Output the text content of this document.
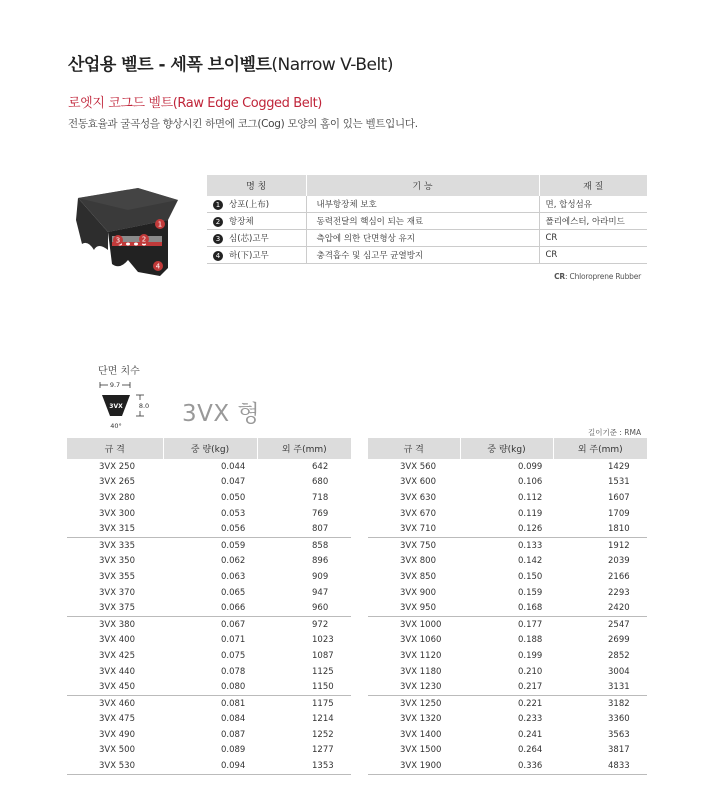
산업용 벨트 - 세폭 브이벨트(Narrow V-Belt)
로엣지 코그드 벨트(Raw Edge Cogged Belt)
전동효율과 굴곡성을 향상시킨 하면에 코그(Cog) 모양의 홈이 있는 벨트입니다.
1
2
3
4
명 칭	기 능	재 질
1 상포(上布)	내부항장체 보호	면, 합성섬유
2 항장체	동력전달의 핵심이 되는 재료	폴리에스터, 아라미드
3 심(芯)고무	측압에 의한 단면형상 유지	CR
4 하(下)고무	충격흡수 및 심고무 균열방지	CR
CR: Chloroprene Rubber
단면 치수
9.7
3VX 8.0
40°	3VX 형
길이기준 : RMA
규 격	중 량(kg)	외 주(mm)
3VX 250	0.044	642
3VX 265	0.047	680
3VX 280	0.050	718
3VX 300	0.053	769
3VX 315	0.056	807
3VX 335	0.059	858
3VX 350	0.062	896
3VX 355	0.063	909
3VX 370	0.065	947
3VX 375	0.066	960
3VX 380	0.067	972
3VX 400	0.071	1023
3VX 425	0.075	1087
3VX 440	0.078	1125
3VX 450	0.080	1150
3VX 460	0.081	1175
3VX 475	0.084	1214
3VX 490	0.087	1252
3VX 500	0.089	1277
3VX 530	0.094	1353
규 격	중 량(kg)	외 주(mm)
3VX 560	0.099	1429
3VX 600	0.106	1531
3VX 630	0.112	1607
3VX 670	0.119	1709
3VX 710	0.126	1810
3VX 750	0.133	1912
3VX 800	0.142	2039
3VX 850	0.150	2166
3VX 900	0.159	2293
3VX 950	0.168	2420
3VX 1000	0.177	2547
3VX 1060	0.188	2699
3VX 1120	0.199	2852
3VX 1180	0.210	3004
3VX 1230	0.217	3131
3VX 1250	0.221	3182
3VX 1320	0.233	3360
3VX 1400	0.241	3563
3VX 1500	0.264	3817
3VX 1900	0.336	4833
